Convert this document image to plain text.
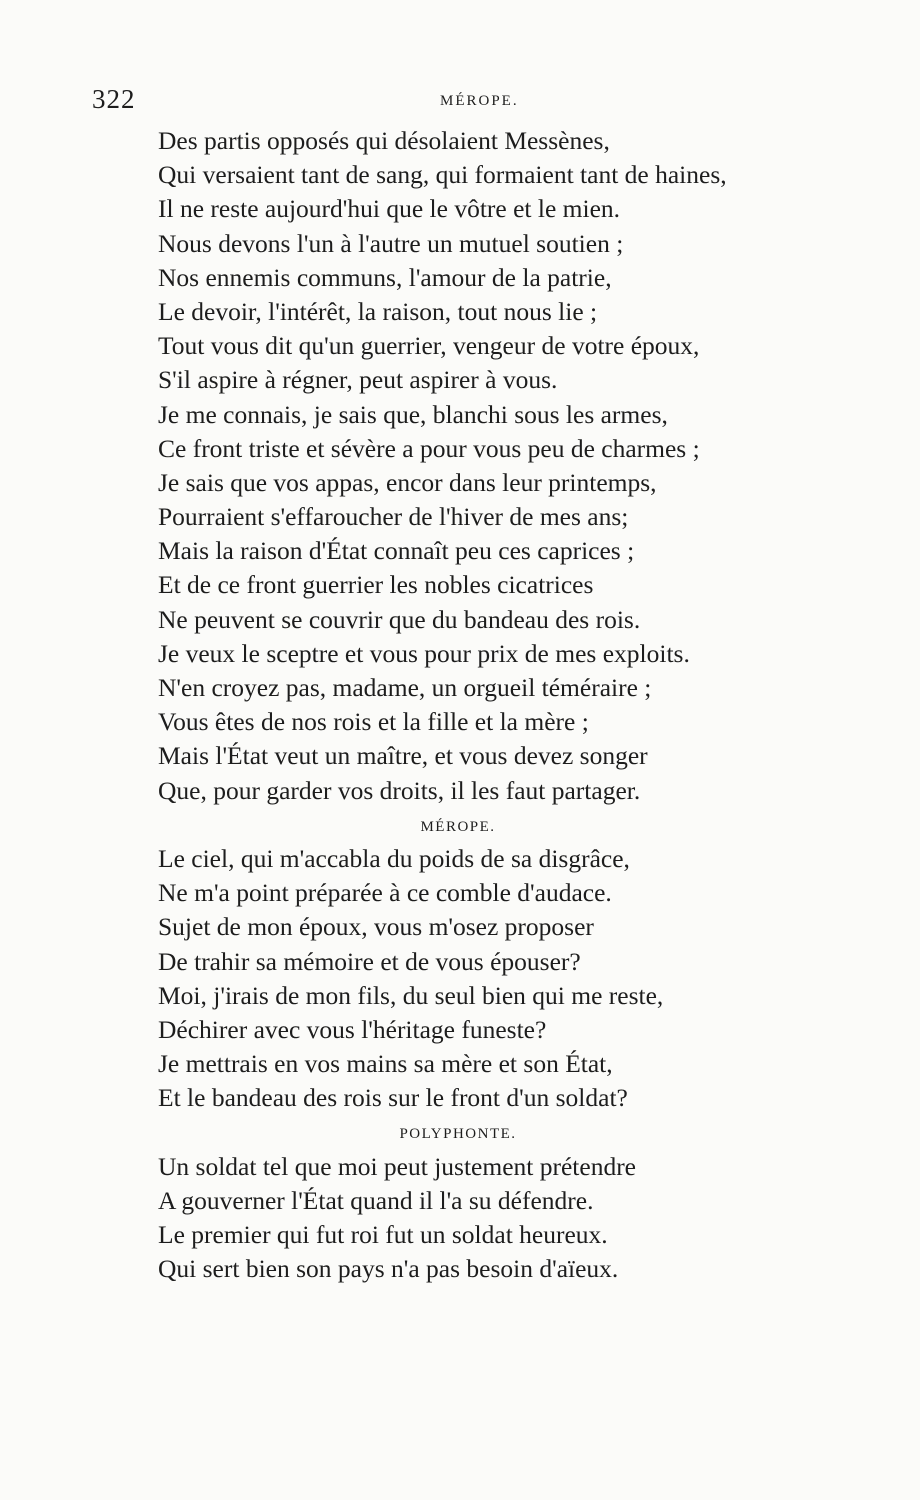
322	MÉROPE.
Des partis opposés qui désolaient Messènes,
Qui versaient tant de sang, qui formaient tant de haines,
Il ne reste aujourd'hui que le vôtre et le mien.
Nous devons l'un à l'autre un mutuel soutien ;
Nos ennemis communs, l'amour de la patrie,
Le devoir, l'intérêt, la raison, tout nous lie ;
Tout vous dit qu'un guerrier, vengeur de votre époux,
S'il aspire à régner, peut aspirer à vous.
Je me connais, je sais que, blanchi sous les armes,
Ce front triste et sévère a pour vous peu de charmes ;
Je sais que vos appas, encor dans leur printemps,
Pourraient s'effaroucher de l'hiver de mes ans;
Mais la raison d'État connaît peu ces caprices ;
Et de ce front guerrier les nobles cicatrices
Ne peuvent se couvrir que du bandeau des rois.
Je veux le sceptre et vous pour prix de mes exploits.
N'en croyez pas, madame, un orgueil téméraire ;
Vous êtes de nos rois et la fille et la mère ;
Mais l'État veut un maître, et vous devez songer
Que, pour garder vos droits, il les faut partager.
MÉROPE.
Le ciel, qui m'accabla du poids de sa disgrâce,
Ne m'a point préparée à ce comble d'audace.
Sujet de mon époux, vous m'osez proposer
De trahir sa mémoire et de vous épouser?
Moi, j'irais de mon fils, du seul bien qui me reste,
Déchirer avec vous l'héritage funeste?
Je mettrais en vos mains sa mère et son État,
Et le bandeau des rois sur le front d'un soldat?
POLYPHONTE.
Un soldat tel que moi peut justement prétendre
A gouverner l'État quand il l'a su défendre.
Le premier qui fut roi fut un soldat heureux.
Qui sert bien son pays n'a pas besoin d'aïeux.
